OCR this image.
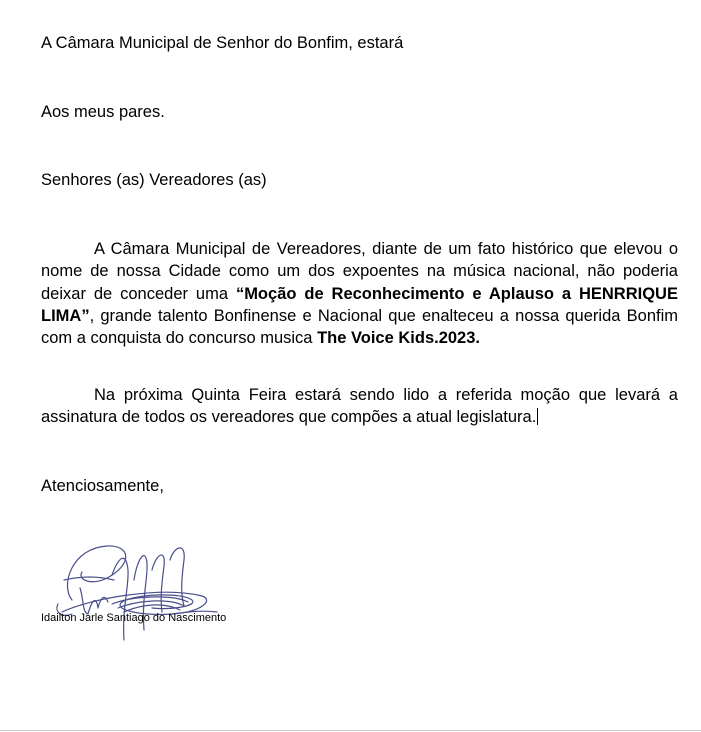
A Câmara Municipal de Senhor do Bonfim, estará
Aos meus pares.
Senhores (as) Vereadores (as)
A Câmara Municipal de Vereadores, diante de um fato histórico que elevou o nome de nossa Cidade como um dos expoentes na música nacional, não poderia deixar de conceder uma “Moção de Reconhecimento e Aplauso a HENRRIQUE LIMA”, grande talento Bonfinense e Nacional que enalteceu a nossa querida Bonfim com a conquista do concurso musica The Voice Kids.2023.
Na próxima Quinta Feira estará sendo lido a referida moção que levará a assinatura de todos os vereadores que compões a atual legislatura.
Atenciosamente,
Idailton Jarle Santiago do Nascimento
